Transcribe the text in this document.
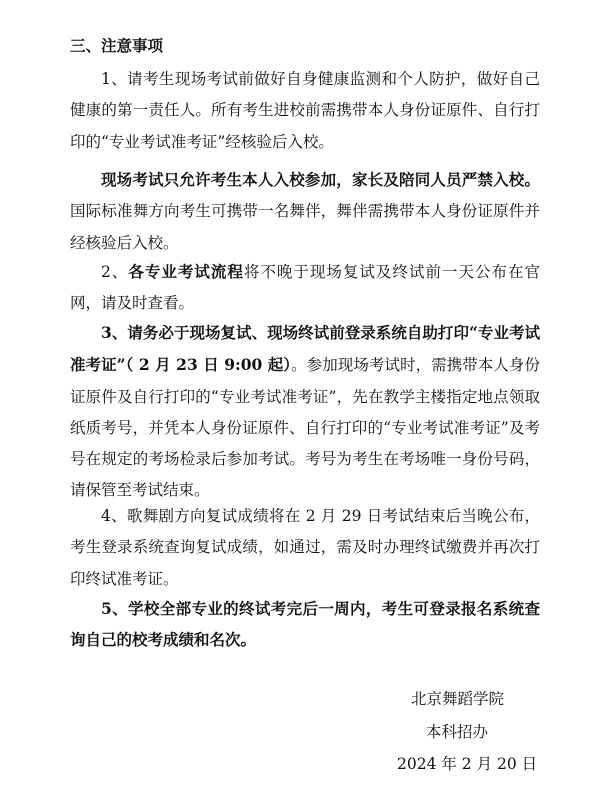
三、注意事项

1、请考生现场考试前做好自身健康监测和个人防护，做好自己健康的第一责任人。所有考生进校前需携带本人身份证原件、自行打印的“专业考试准考证”经核验后入校。

现场考试只允许考生本人入校参加，家长及陪同人员严禁入校。国际标准舞方向考生可携带一名舞伴，舞伴需携带本人身份证原件并经核验后入校。

2、各专业考试流程将不晚于现场复试及终试前一天公布在官网，请及时查看。

3、请务必于现场复试、现场终试前登录系统自助打印“专业考试准考证”（ 2 月 23 日 9:00 起）。参加现场考试时，需携带本人身份证原件及自行打印的“专业考试准考证”，先在教学主楼指定地点领取纸质考号，并凭本人身份证原件、自行打印的“专业考试准考证”及考号在规定的考场检录后参加考试。考号为考生在考场唯一身份号码，请保管至考试结束。

4、歌舞剧方向复试成绩将在 2 月 29 日考试结束后当晚公布，考生登录系统查询复试成绩，如通过，需及时办理终试缴费并再次打印终试准考证。

5、学校全部专业的终试考完后一周内，考生可登录报名系统查询自己的校考成绩和名次。

北京舞蹈学院
本科招办
2024 年 2 月 20 日
